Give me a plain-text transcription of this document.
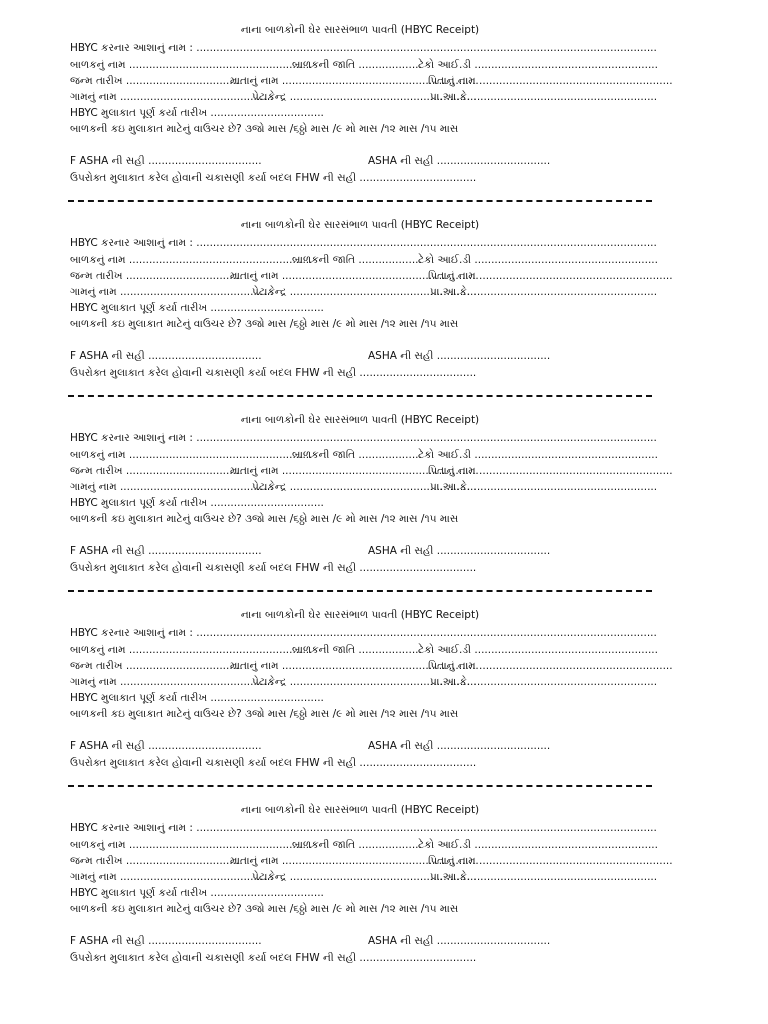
નાના બાળકોની ઘેર સારસંભાળ પાવતી (HBYC Receipt)
HBYC કરનાર આશાનું નામ : ..........................................................................................................................................
બાળકનું નામ .......................................................
બાળકની જાતિ ...................
ટેકો આઈ.ડી .......................................................
જન્મ તારીખ ...................................
માતાનું નામ ...........................................................
પિતાનું નામ ..........................................................
ગામનું નામ ..............................................
પેટાકેન્દ્ર ........................................................
પ્રા.આ.કે. .......................................................
HBYC મુલાકાત પૂર્ણ કર્યા તારીખ ..................................
બાળકની કઇ મુલાકાત માટેનું વાઉચર છે? ૩જો માસ /૬ઠ્ઠો માસ /૯ મો માસ /૧૨ માસ /૧૫ માસ
F ASHA ની સહી ..................................	ASHA ની સહી ..................................
ઉપરોક્ત મુલાકાત કરેલ હોવાની ચકાસણી કર્યા બદલ FHW ની સહી ...................................
નાના બાળકોની ઘેર સારસંભાળ પાવતી (HBYC Receipt)
HBYC કરનાર આશાનું નામ : ..........................................................................................................................................
બાળકનું નામ .......................................................
બાળકની જાતિ ...................
ટેકો આઈ.ડી .......................................................
જન્મ તારીખ ...................................
માતાનું નામ ...........................................................
પિતાનું નામ ..........................................................
ગામનું નામ ..............................................
પેટાકેન્દ્ર ........................................................
પ્રા.આ.કે. .......................................................
HBYC મુલાકાત પૂર્ણ કર્યા તારીખ ..................................
બાળકની કઇ મુલાકાત માટેનું વાઉચર છે? ૩જો માસ /૬ઠ્ઠો માસ /૯ મો માસ /૧૨ માસ /૧૫ માસ
F ASHA ની સહી ..................................	ASHA ની સહી ..................................
ઉપરોક્ત મુલાકાત કરેલ હોવાની ચકાસણી કર્યા બદલ FHW ની સહી ...................................
નાના બાળકોની ઘેર સારસંભાળ પાવતી (HBYC Receipt)
HBYC કરનાર આશાનું નામ : ..........................................................................................................................................
બાળકનું નામ .......................................................
બાળકની જાતિ ...................
ટેકો આઈ.ડી .......................................................
જન્મ તારીખ ...................................
માતાનું નામ ...........................................................
પિતાનું નામ ..........................................................
ગામનું નામ ..............................................
પેટાકેન્દ્ર ........................................................
પ્રા.આ.કે. .......................................................
HBYC મુલાકાત પૂર્ણ કર્યા તારીખ ..................................
બાળકની કઇ મુલાકાત માટેનું વાઉચર છે? ૩જો માસ /૬ઠ્ઠો માસ /૯ મો માસ /૧૨ માસ /૧૫ માસ
F ASHA ની સહી ..................................	ASHA ની સહી ..................................
ઉપરોક્ત મુલાકાત કરેલ હોવાની ચકાસણી કર્યા બદલ FHW ની સહી ...................................
નાના બાળકોની ઘેર સારસંભાળ પાવતી (HBYC Receipt)
HBYC કરનાર આશાનું નામ : ..........................................................................................................................................
બાળકનું નામ .......................................................
બાળકની જાતિ ...................
ટેકો આઈ.ડી .......................................................
જન્મ તારીખ ...................................
માતાનું નામ ...........................................................
પિતાનું નામ ..........................................................
ગામનું નામ ..............................................
પેટાકેન્દ્ર ........................................................
પ્રા.આ.કે. .......................................................
HBYC મુલાકાત પૂર્ણ કર્યા તારીખ ..................................
બાળકની કઇ મુલાકાત માટેનું વાઉચર છે? ૩જો માસ /૬ઠ્ઠો માસ /૯ મો માસ /૧૨ માસ /૧૫ માસ
F ASHA ની સહી ..................................	ASHA ની સહી ..................................
ઉપરોક્ત મુલાકાત કરેલ હોવાની ચકાસણી કર્યા બદલ FHW ની સહી ...................................
નાના બાળકોની ઘેર સારસંભાળ પાવતી (HBYC Receipt)
HBYC કરનાર આશાનું નામ : ..........................................................................................................................................
બાળકનું નામ .......................................................
બાળકની જાતિ ...................
ટેકો આઈ.ડી .......................................................
જન્મ તારીખ ...................................
માતાનું નામ ...........................................................
પિતાનું નામ ..........................................................
ગામનું નામ ..............................................
પેટાકેન્દ્ર ........................................................
પ્રા.આ.કે. .......................................................
HBYC મુલાકાત પૂર્ણ કર્યા તારીખ ..................................
બાળકની કઇ મુલાકાત માટેનું વાઉચર છે? ૩જો માસ /૬ઠ્ઠો માસ /૯ મો માસ /૧૨ માસ /૧૫ માસ
F ASHA ની સહી ..................................	ASHA ની સહી ..................................
ઉપરોક્ત મુલાકાત કરેલ હોવાની ચકાસણી કર્યા બદલ FHW ની સહી ...................................
